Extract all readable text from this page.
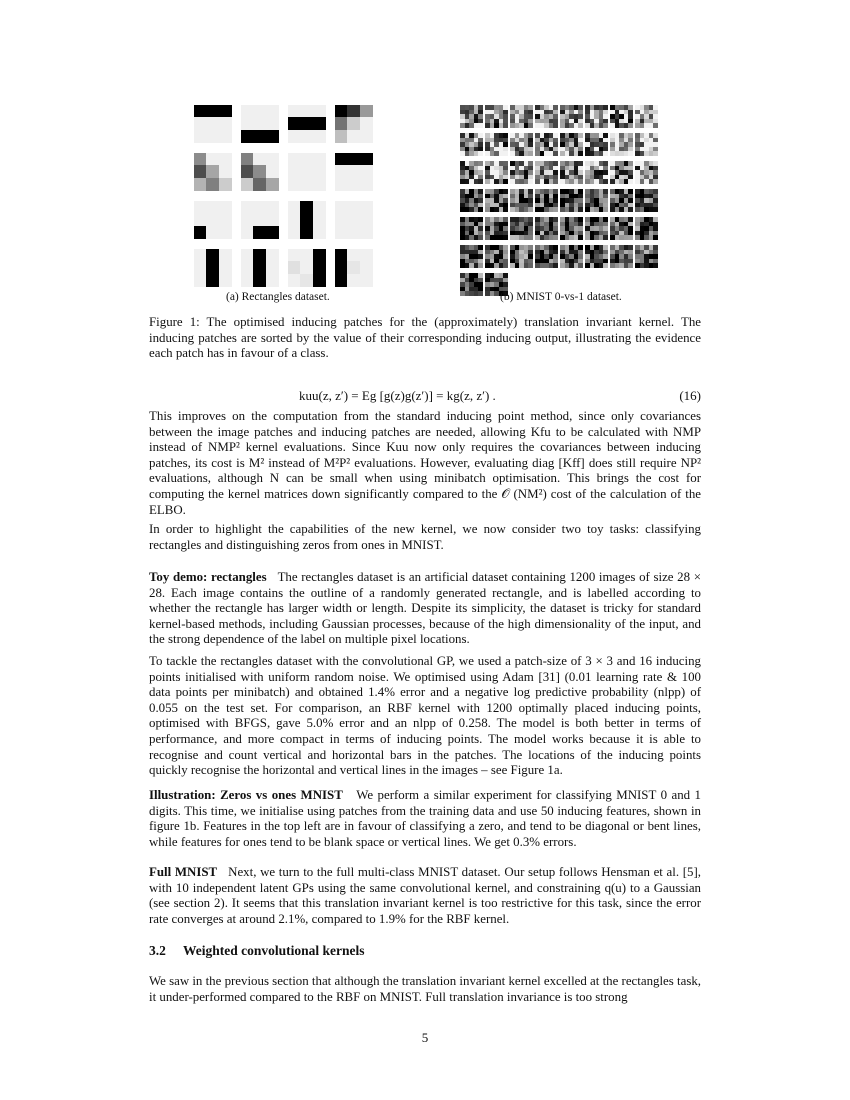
(a) Rectangles dataset.	(b) MNIST 0-vs-1 dataset.
Figure 1: The optimised inducing patches for the (approximately) translation invariant kernel. The inducing patches are sorted by the value of their corresponding inducing output, illustrating the evidence each patch has in favour of a class.
kuu(z, z′) = Eg [g(z)g(z′)] = kg(z, z′) .	(16)
This improves on the computation from the standard inducing point method, since only covariances between the image patches and inducing patches are needed, allowing Kfu to be calculated with NMP instead of NMP² kernel evaluations. Since Kuu now only requires the covariances between inducing patches, its cost is M² instead of M²P² evaluations. However, evaluating diag [Kff] does still require NP² evaluations, although N can be small when using minibatch optimisation. This brings the cost for computing the kernel matrices down significantly compared to the 𝒪 (NM²) cost of the calculation of the ELBO.
In order to highlight the capabilities of the new kernel, we now consider two toy tasks: classifying rectangles and distinguishing zeros from ones in MNIST.
Toy demo: rectangles The rectangles dataset is an artificial dataset containing 1200 images of size 28 × 28. Each image contains the outline of a randomly generated rectangle, and is labelled according to whether the rectangle has larger width or length. Despite its simplicity, the dataset is tricky for standard kernel-based methods, including Gaussian processes, because of the high dimensionality of the input, and the strong dependence of the label on multiple pixel locations.
To tackle the rectangles dataset with the convolutional GP, we used a patch-size of 3 × 3 and 16 inducing points initialised with uniform random noise. We optimised using Adam [31] (0.01 learning rate & 100 data points per minibatch) and obtained 1.4% error and a negative log predictive probability (nlpp) of 0.055 on the test set. For comparison, an RBF kernel with 1200 optimally placed inducing points, optimised with BFGS, gave 5.0% error and an nlpp of 0.258. The model is both better in terms of performance, and more compact in terms of inducing points. The model works because it is able to recognise and count vertical and horizontal bars in the patches. The locations of the inducing points quickly recognise the horizontal and vertical lines in the images – see Figure 1a.
Illustration: Zeros vs ones MNIST We perform a similar experiment for classifying MNIST 0 and 1 digits. This time, we initialise using patches from the training data and use 50 inducing features, shown in figure 1b. Features in the top left are in favour of classifying a zero, and tend to be diagonal or bent lines, while features for ones tend to be blank space or vertical lines. We get 0.3% errors.
Full MNIST Next, we turn to the full multi-class MNIST dataset. Our setup follows Hensman et al. [5], with 10 independent latent GPs using the same convolutional kernel, and constraining q(u) to a Gaussian (see section 2). It seems that this translation invariant kernel is too restrictive for this task, since the error rate converges at around 2.1%, compared to 1.9% for the RBF kernel.
3.2 Weighted convolutional kernels
We saw in the previous section that although the translation invariant kernel excelled at the rectangles task, it under-performed compared to the RBF on MNIST. Full translation invariance is too strong
5
